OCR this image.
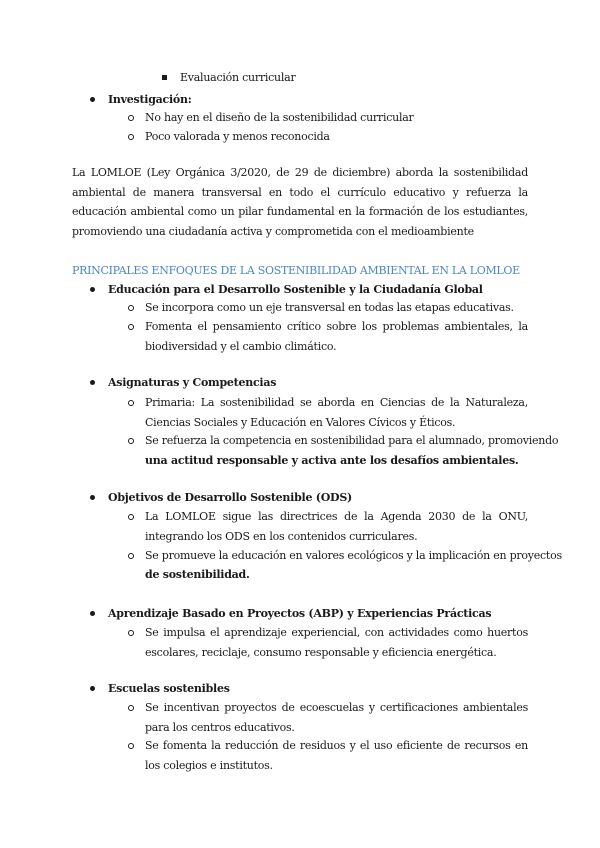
Evaluación curricular
Investigación:
No hay en el diseño de la sostenibilidad curricular
Poco valorada y menos reconocida
La LOMLOE (Ley Orgánica 3/2020, de 29 de diciembre) aborda la sostenibilidad ambiental de manera transversal en todo el currículo educativo y refuerza la educación ambiental como un pilar fundamental en la formación de los estudiantes, promoviendo una ciudadanía activa y comprometida con el medioambiente
PRINCIPALES ENFOQUES DE LA SOSTENIBILIDAD AMBIENTAL EN LA LOMLOE
Educación para el Desarrollo Sostenible y la Ciudadanía Global
Se incorpora como un eje transversal en todas las etapas educativas.
Fomenta el pensamiento crítico sobre los problemas ambientales, la biodiversidad y el cambio climático.
Asignaturas y Competencias
Primaria: La sostenibilidad se aborda en Ciencias de la Naturaleza, Ciencias Sociales y Educación en Valores Cívicos y Éticos.
Se refuerza la competencia en sostenibilidad para el alumnado, promoviendo
una actitud responsable y activa ante los desafíos ambientales.
Objetivos de Desarrollo Sostenible (ODS)
La LOMLOE sigue las directrices de la Agenda 2030 de la ONU, integrando los ODS en los contenidos curriculares.
Se promueve la educación en valores ecológicos y la implicación en proyectos
de sostenibilidad.
Aprendizaje Basado en Proyectos (ABP) y Experiencias Prácticas
Se impulsa el aprendizaje experiencial, con actividades como huertos escolares, reciclaje, consumo responsable y eficiencia energética.
Escuelas sostenibles
Se incentivan proyectos de ecoescuelas y certificaciones ambientales para los centros educativos.
Se fomenta la reducción de residuos y el uso eficiente de recursos en los colegios e institutos.
